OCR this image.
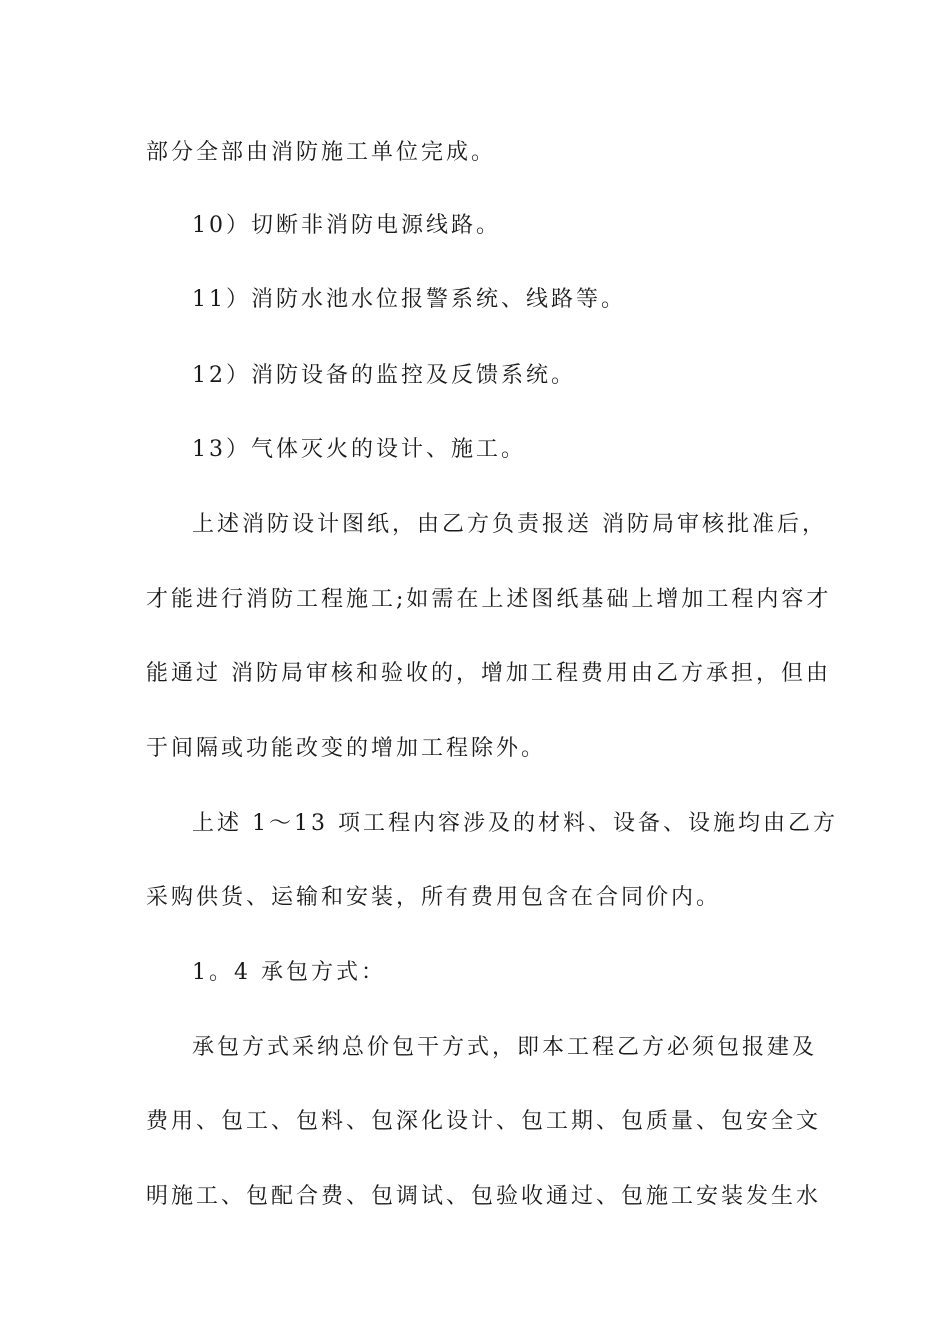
部分全部由消防施工单位完成。
10）切断非消防电源线路。
11）消防水池水位报警系统、线路等。
12）消防设备的监控及反馈系统。
13）气体灭火的设计、施工。
上述消防设计图纸，由乙方负责报送 消防局审核批准后，
才能进行消防工程施工;如需在上述图纸基础上增加工程内容才
能通过 消防局审核和验收的，增加工程费用由乙方承担，但由
于间隔或功能改变的增加工程除外。
上述 1～13 项工程内容涉及的材料、设备、设施均由乙方
采购供货、运输和安装，所有费用包含在合同价内。
1。4 承包方式：
承包方式采纳总价包干方式，即本工程乙方必须包报建及
费用、包工、包料、包深化设计、包工期、包质量、包安全文
明施工、包配合费、包调试、包验收通过、包施工安装发生水
